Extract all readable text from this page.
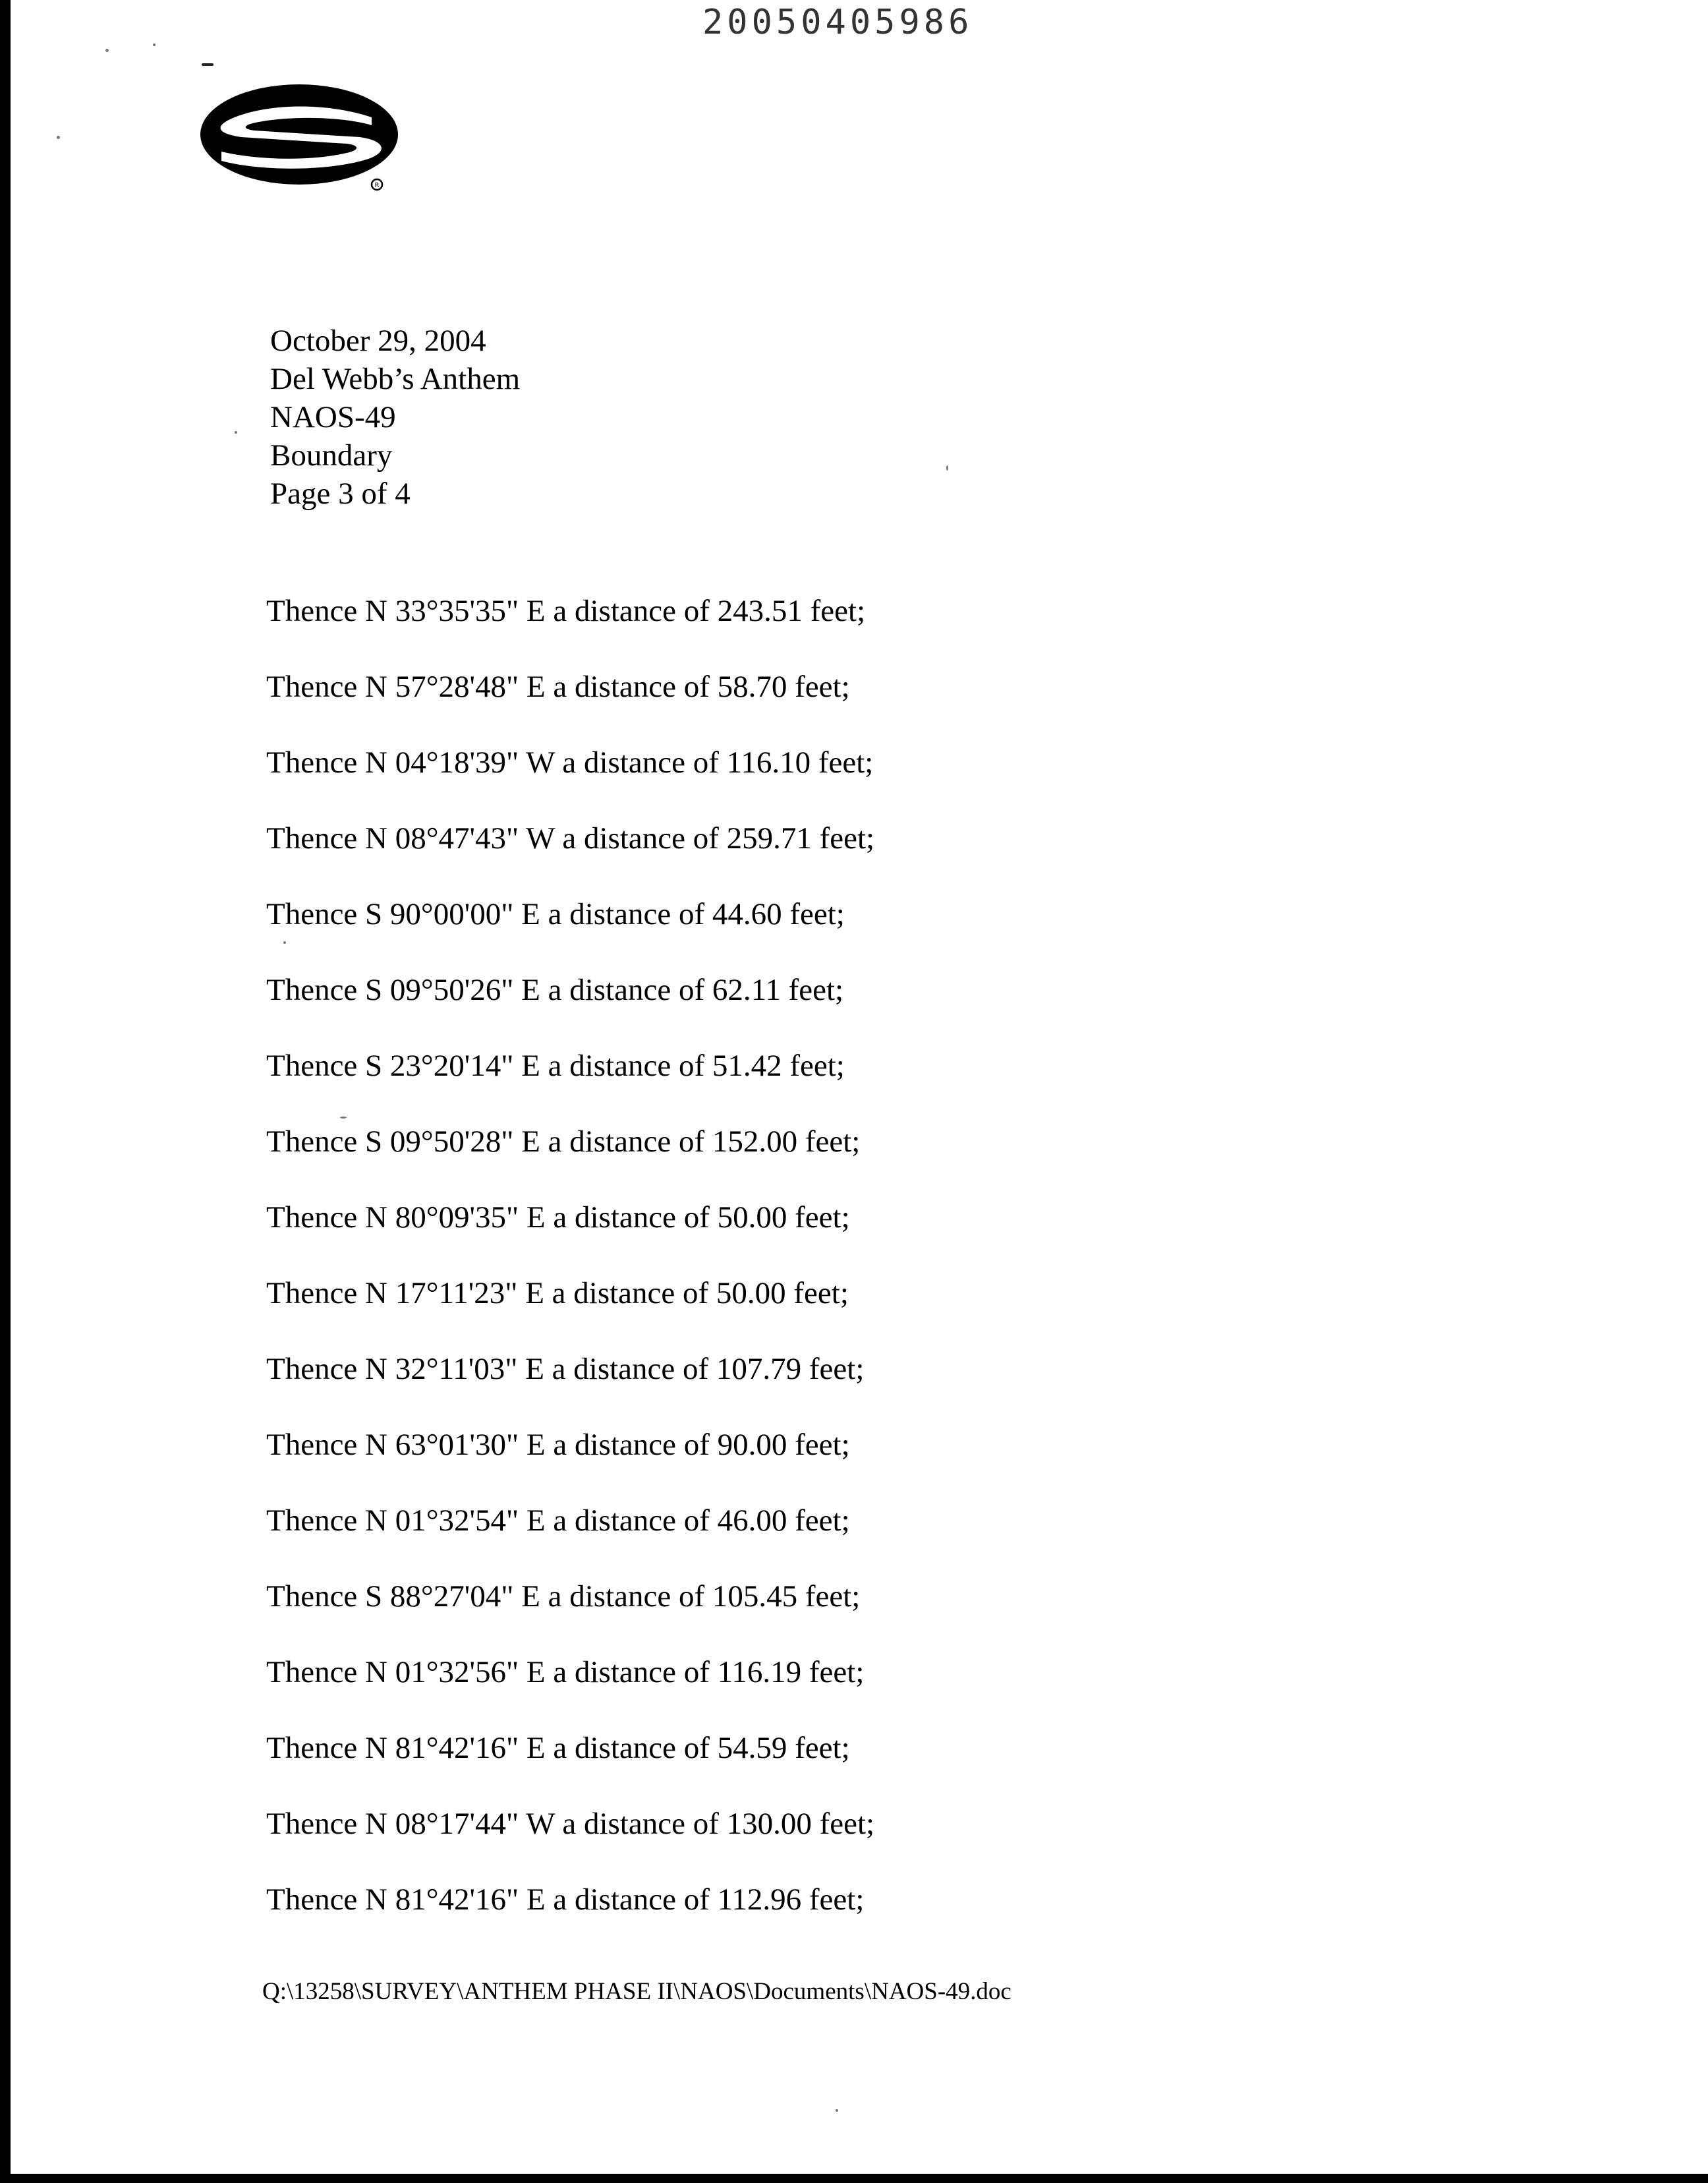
20050405986
R
October 29, 2004
Del Webb’s Anthem
NAOS-49
Boundary
Page 3 of 4
Thence N 33°35'35" E a distance of 243.51 feet;
Thence N 57°28'48" E a distance of 58.70 feet;
Thence N 04°18'39" W a distance of 116.10 feet;
Thence N 08°47'43" W a distance of 259.71 feet;
Thence S 90°00'00" E a distance of 44.60 feet;
Thence S 09°50'26" E a distance of 62.11 feet;
Thence S 23°20'14" E a distance of 51.42 feet;
Thence S 09°50'28" E a distance of 152.00 feet;
Thence N 80°09'35" E a distance of 50.00 feet;
Thence N 17°11'23" E a distance of 50.00 feet;
Thence N 32°11'03" E a distance of 107.79 feet;
Thence N 63°01'30" E a distance of 90.00 feet;
Thence N 01°32'54" E a distance of 46.00 feet;
Thence S 88°27'04" E a distance of 105.45 feet;
Thence N 01°32'56" E a distance of 116.19 feet;
Thence N 81°42'16" E a distance of 54.59 feet;
Thence N 08°17'44" W a distance of 130.00 feet;
Thence N 81°42'16" E a distance of 112.96 feet;
Q:\13258\SURVEY\ANTHEM PHASE II\NAOS\Documents\NAOS-49.doc
